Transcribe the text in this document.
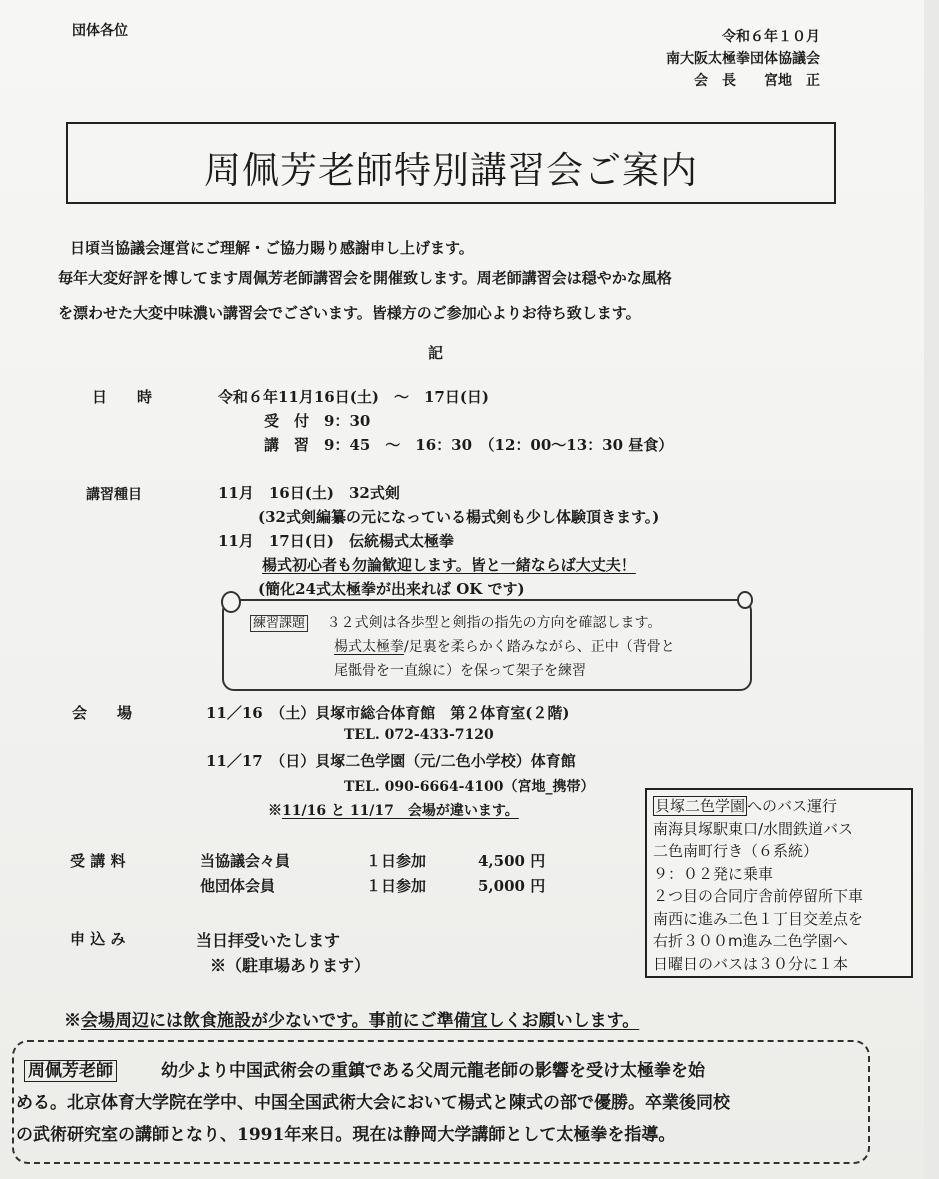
団体各位	令和６年１０月
南大阪太極拳団体協議会
会　長　　宮地　正
周佩芳老師特別講習会ご案内
日頃当協議会運営にご理解・ご協力賜り感謝申し上げます。
毎年大変好評を博してます周佩芳老師講習会を開催致します。周老師講習会は穏やかな風格
を漂わせた大変中味濃い講習会でございます。皆様方のご参加心よりお待ち致します。
記
日　　時	令和６年11月16日(土)　～　17日(日)
受　付　9：30
講　習　9：45　～　16：30　（12：00～13：30 昼食）
講習種目	11月　16日(土)　32式剣
(32式剣編纂の元になっている楊式剣も少し体験頂きます。)
11月　17日(日)　伝統楊式太極拳
楊式初心者も勿論歓迎します。皆と一緒ならば大丈夫！
(簡化24式太極拳が出来れば OK です)
練習課題 ３２式剣は各歩型と剣指の指先の方向を確認します。
楊式太極拳/足裏を柔らかく踏みながら、正中（背骨と
尾骶骨を一直線に）を保って架子を練習
会　　場	11／16　（土）貝塚市総合体育館　第２体育室(２階)
TEL. 072-433-7120
11／17　（日）貝塚二色学園（元/二色小学校）体育館
TEL. 090-6664-4100（宮地_携帯）
※11/16 と 11/17　会場が違います。
受 講 料	当協議会々員	１日参加	4,500 円
他団体会員	１日参加	5,000 円
申 込 み	当日拝受いたします
※（駐車場あります）
貝塚二色学園 へのバス運行
南海貝塚駅東口/水間鉄道バス
二色南町行き（６系統）
９：０２発に乗車
２つ目の合同庁舎前停留所下車
南西に進み二色１丁目交差点を
右折３００m進み二色学園へ
日曜日のバスは３０分に１本
※会場周辺には飲食施設が少ないです。事前にご準備宜しくお願いします。
周佩芳老師	幼少より中国武術会の重鎮である父周元龍老師の影響を受け太極拳を始
める。北京体育大学院在学中、中国全国武術大会において楊式と陳式の部で優勝。卒業後同校
の武術研究室の講師となり、1991年来日。現在は静岡大学講師として太極拳を指導。
